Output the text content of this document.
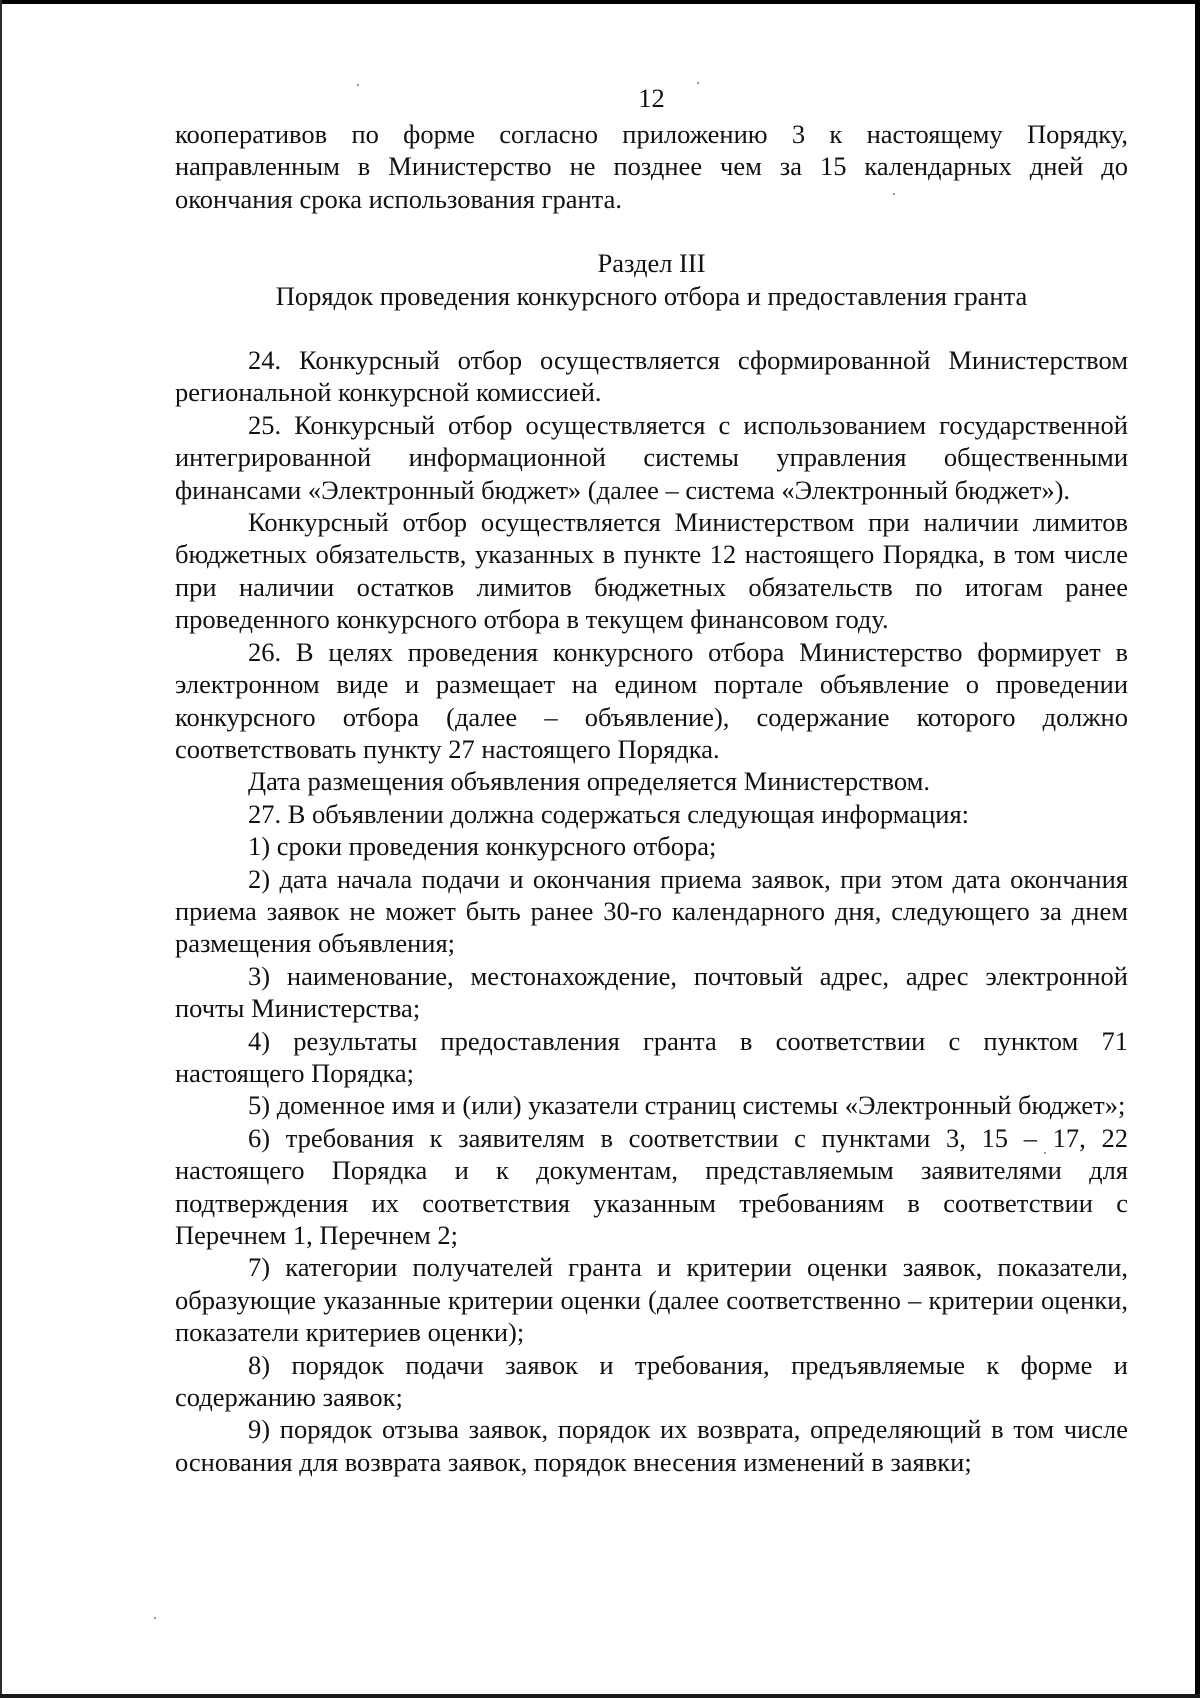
12

кооперативов по форме согласно приложению 3 к настоящему Порядку, направленным в Министерство не позднее чем за 15 календарных дней до окончания срока использования гранта.

Раздел III
Порядок проведения конкурсного отбора и предоставления гранта

24. Конкурсный отбор осуществляется сформированной Министерством региональной конкурсной комиссией.

25. Конкурсный отбор осуществляется с использованием государственной интегрированной информационной системы управления общественными финансами «Электронный бюджет» (далее – система «Электронный бюджет»).

Конкурсный отбор осуществляется Министерством при наличии лимитов бюджетных обязательств, указанных в пункте 12 настоящего Порядка, в том числе при наличии остатков лимитов бюджетных обязательств по итогам ранее проведенного конкурсного отбора в текущем финансовом году.

26. В целях проведения конкурсного отбора Министерство формирует в электронном виде и размещает на едином портале объявление о проведении конкурсного отбора (далее – объявление), содержание которого должно соответствовать пункту 27 настоящего Порядка.

Дата размещения объявления определяется Министерством.

27. В объявлении должна содержаться следующая информация:

1) сроки проведения конкурсного отбора;

2) дата начала подачи и окончания приема заявок, при этом дата окончания приема заявок не может быть ранее 30-го календарного дня, следующего за днем размещения объявления;

3) наименование, местонахождение, почтовый адрес, адрес электронной почты Министерства;

4) результаты предоставления гранта в соответствии с пунктом 71 настоящего Порядка;

5) доменное имя и (или) указатели страниц системы «Электронный бюджет»;

6) требования к заявителям в соответствии с пунктами 3, 15 – 17, 22 настоящего Порядка и к документам, представляемым заявителями для подтверждения их соответствия указанным требованиям в соответствии с Перечнем 1, Перечнем 2;

7) категории получателей гранта и критерии оценки заявок, показатели, образующие указанные критерии оценки (далее соответственно – критерии оценки, показатели критериев оценки);

8) порядок подачи заявок и требования, предъявляемые к форме и содержанию заявок;

9) порядок отзыва заявок, порядок их возврата, определяющий в том числе основания для возврата заявок, порядок внесения изменений в заявки;
